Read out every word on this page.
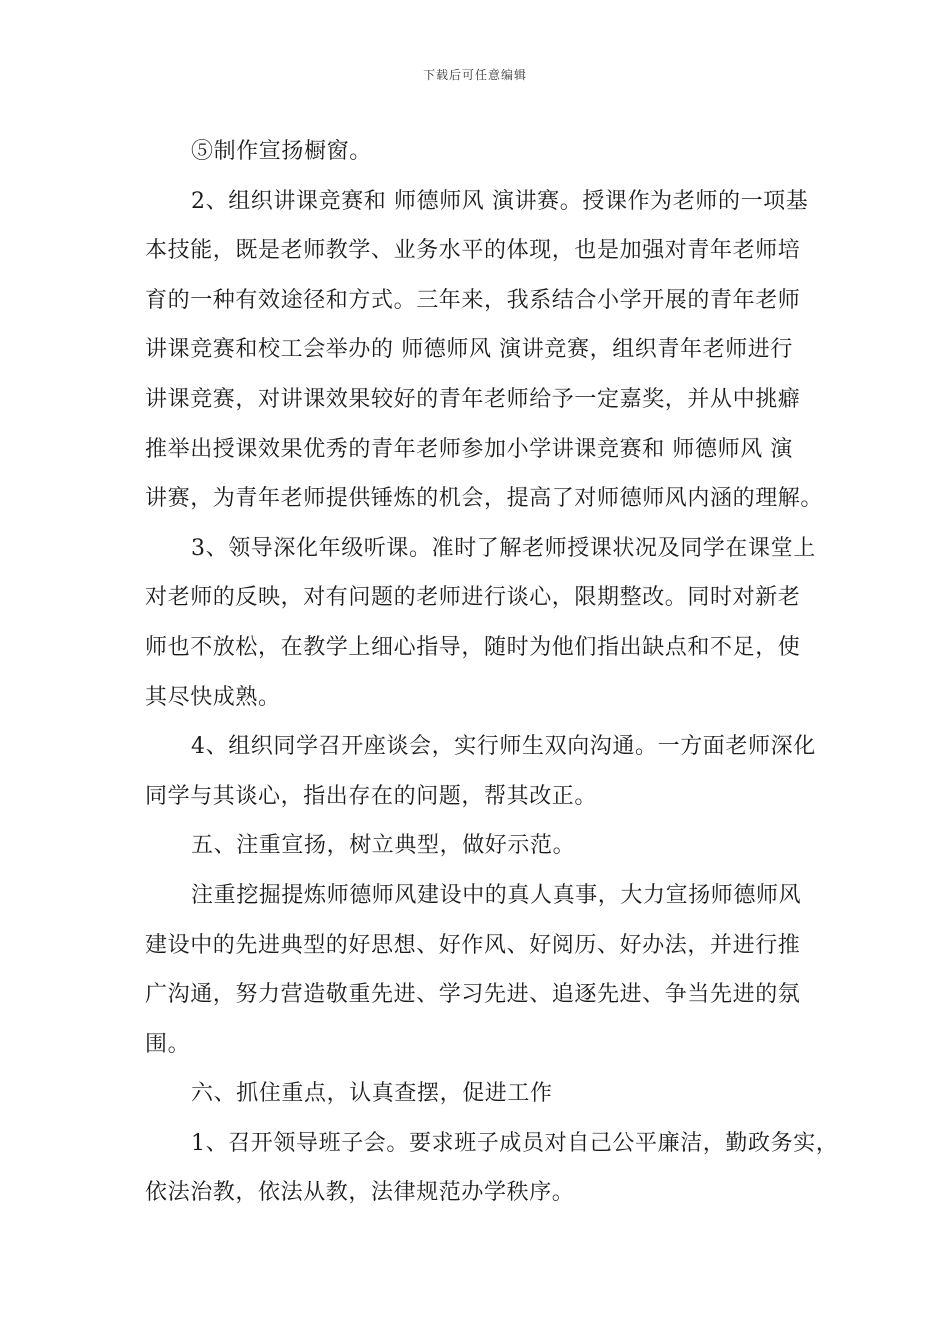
下载后可任意编辑

⑤制作宣扬橱窗。

2、组织讲课竞赛和 师德师风 演讲赛。授课作为老师的一项基

本技能，既是老师教学、业务水平的体现，也是加强对青年老师培

育的一种有效途径和方式。三年来，我系结合小学开展的青年老师

讲课竞赛和校工会举办的 师德师风 演讲竞赛，组织青年老师进行

讲课竞赛，对讲课效果较好的青年老师给予一定嘉奖，并从中挑癖

推举出授课效果优秀的青年老师参加小学讲课竞赛和 师德师风 演

讲赛，为青年老师提供锤炼的机会，提高了对师德师风内涵的理解。

3、领导深化年级听课。准时了解老师授课状况及同学在课堂上

对老师的反映，对有问题的老师进行谈心，限期整改。同时对新老

师也不放松，在教学上细心指导，随时为他们指出缺点和不足，使

其尽快成熟。

4、组织同学召开座谈会，实行师生双向沟通。一方面老师深化

同学与其谈心，指出存在的问题，帮其改正。

五、注重宣扬，树立典型，做好示范。

注重挖掘提炼师德师风建设中的真人真事，大力宣扬师德师风

建设中的先进典型的好思想、好作风、好阅历、好办法，并进行推

广沟通，努力营造敬重先进、学习先进、追逐先进、争当先进的氛

围。

六、抓住重点，认真查摆，促进工作

1、召开领导班子会。要求班子成员对自己公平廉洁，勤政务实，

依法治教，依法从教，法律规范办学秩序。
